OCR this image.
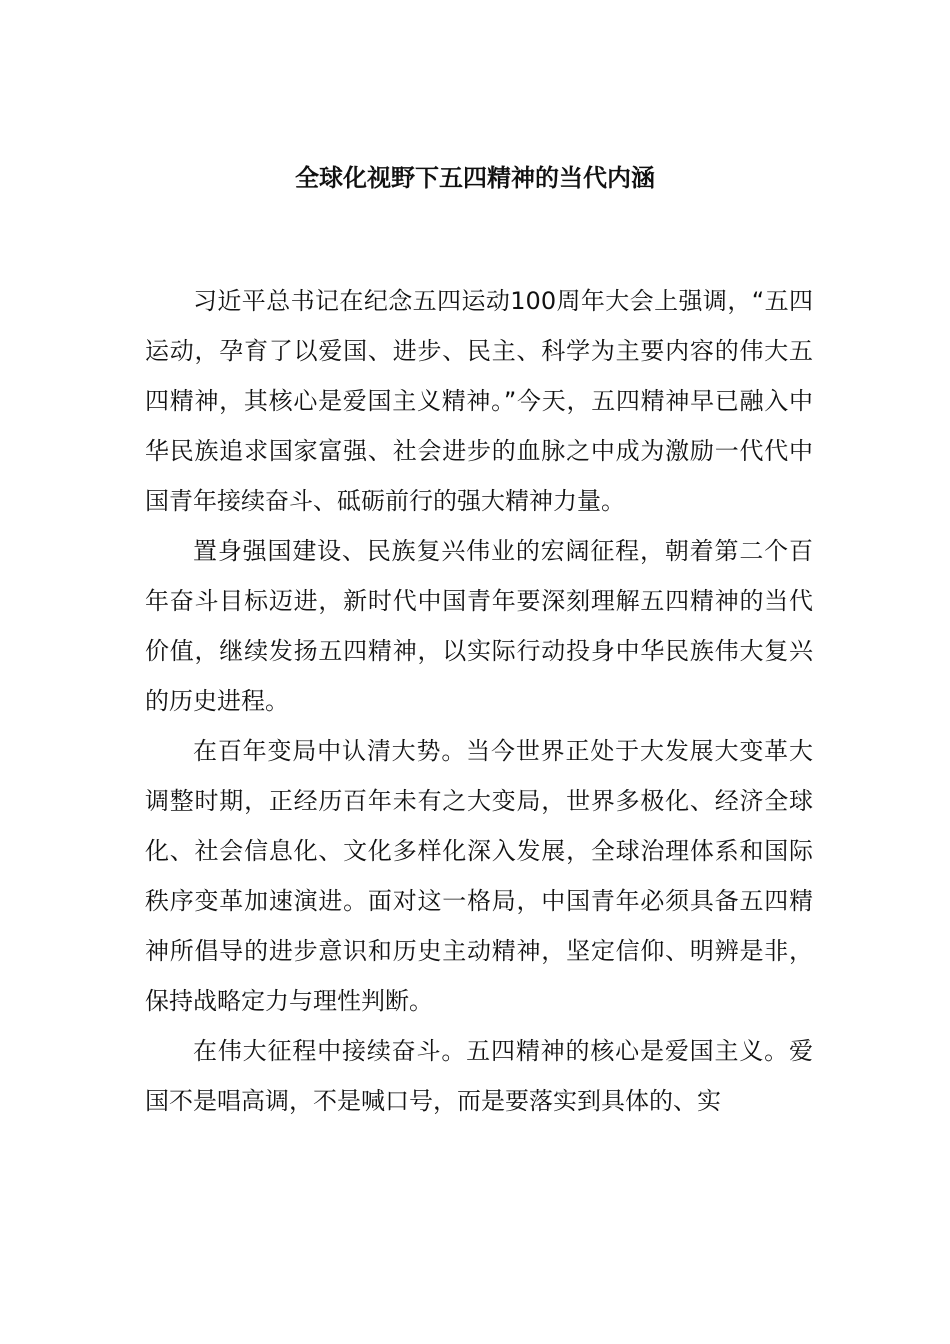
全球化视野下五四精神的当代内涵

习近平总书记在纪念五四运动100周年大会上强调，“五四运动，孕育了以爱国、进步、民主、科学为主要内容的伟大五四精神，其核心是爱国主义精神。”今天，五四精神早已融入中华民族追求国家富强、社会进步的血脉之中成为激励一代代中国青年接续奋斗、砥砺前行的强大精神力量。

置身强国建设、民族复兴伟业的宏阔征程，朝着第二个百年奋斗目标迈进，新时代中国青年要深刻理解五四精神的当代价值，继续发扬五四精神，以实际行动投身中华民族伟大复兴的历史进程。

在百年变局中认清大势。当今世界正处于大发展大变革大调整时期，正经历百年未有之大变局，世界多极化、经济全球化、社会信息化、文化多样化深入发展，全球治理体系和国际秩序变革加速演进。面对这一格局，中国青年必须具备五四精神所倡导的进步意识和历史主动精神，坚定信仰、明辨是非，保持战略定力与理性判断。

在伟大征程中接续奋斗。五四精神的核心是爱国主义。爱国不是唱高调，不是喊口号，而是要落实到具体的、实
